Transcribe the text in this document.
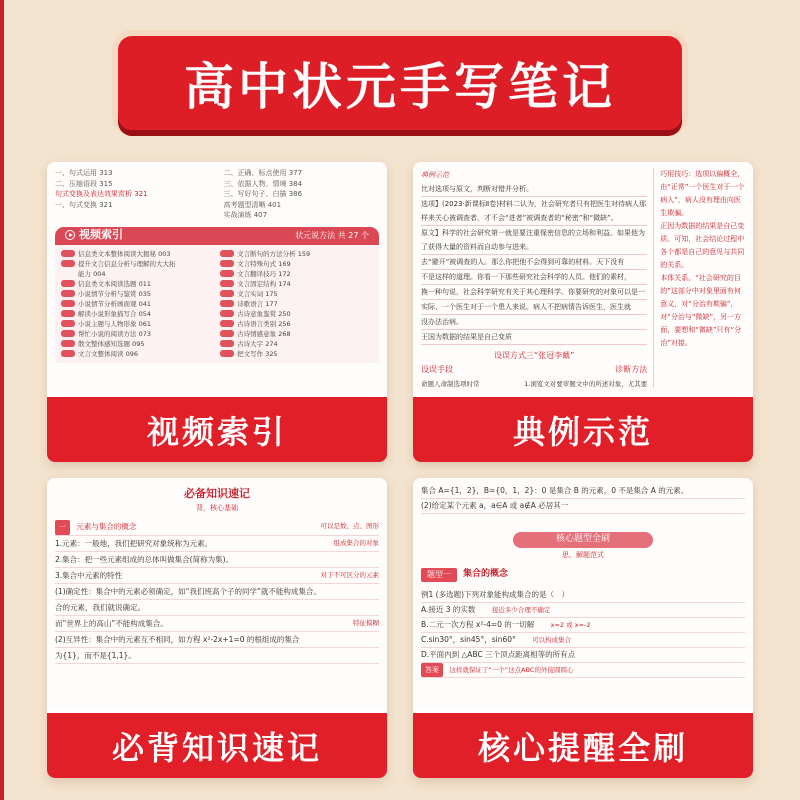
高中状元手写笔记
一、句式运用 313
二、压缩语段 315
句式变换及表达效果赏析 321
一、句式变换 321
二、正确、标点使用 377
三、依据人物、情境 384
三、写好句子、白描 386
高考题型清晰 401
实战演练 407
视频索引	状元说方法 共 27 个
信息类文本整体阅读大揭秘 003
提升文言信息分析与理解的大大拓
能力 004
信息类文本阅读选题 011
小说情节分析与鉴赏 035
小说情节分析画面观 041
解读小说形象描写合 054
小说主题与人物形象 061
帮忙小说的阅读方法 073
散文整体感知选题 095
文言文整体阅读 096
文言断句的方法分析 159
文言特殊句式 169
文言翻译技巧 172
文言固定结构 174
文言实词 175
诗歌语言 177
古诗意象鉴赏 250
古诗语言类别 256
古诗情感意象 268
古诗大字 274
把文写作 325
视频索引
典例示范
比对选项与原文，判断对错并分析。
选项】(2023·新课标Ⅱ卷)材料二认为，社会研究者只有把医生对待病人那样来关心被调查者，才不会“进者”被调查者的“秘密”和“微缺”。
原文】科学的社会研究第一就是要注重保密信息的立场和利益。如果他为了获得大量的资料而自动参与进来。
去“避开”被调查的人。那么你把他不会得到可靠的材料。天下没有
不是这样的道理。你看一下那些研究社会科学的人员。他们的素材，
换一种句说，社会科学研究有关于其心理科学。你要研究的对象可以是一
实际，一个医生对于一个患人来说。病人不把病情告诉医生，医生就
没办法治病。
王国为数据的结果是自己变质
设误方式三“张冠李戴”
设误手段	诊断方法
命题人命制选项时常	1.浏览文对要审题文中的所述对象，尤其要
巧用技巧：选项以偏概全，由“正常”一个医生对于一个病人”，病人没有理由向医生欺骗。
正因为数据的结果是自己变质。可知，社会结论过程中各个都是自己的意见与共同的关系。
本体关系。“社会研究的目的”这部分中对象里面有何意义，对“分治有欺骗”，对“分治与“微缺”，另一方面，要想和“微缺”只有“分治”对接。
典例示范
必备知识速记
背，核心基础
一 元素与集合的概念	可以是数、点、图形
1.元素：一般地，我们把研究对象统称为元素。	组成集合的对象
2.集合：把一些元素组成的总体叫做集合(简称为集)。
3.集合中元素的特性	对于不可区分的元素
(1)确定性：集合中的元素必须确定，如“我们班高个子的同学”就不能构成集合。
合的元素，我们就说确定。
而“世界上的高山”不能构成集合。	特征模糊
(2)互异性：集合中的元素互不相同，如方程 x²-2x+1=0 的根组成的集合
为{1}，而不是{1,1}。
必背知识速记
集合 A={1，2}，B={0，1，2}：0 是集合 B 的元素，0 不是集合 A 的元素。
(2)给定某个元素 a，a∈A 或 a∉A 必居其一
核心题型全刷
思，解题范式
题型一	集合的概念
例1 (多选题)下列对象能构成集合的是（　）
A.接近 3 的实数	接近多少合理不确定
B.二元一次方程 x²-4=0 的一切解	x=2 或 x=-2
C.sin30°，sin45°，sin60°	可以构成集合
D.平面内到 △ABC 三个顶点距离相等的所有点
答案 这样就保证了“一个”这点ABC的外接圆圆心
核心提醒全刷
